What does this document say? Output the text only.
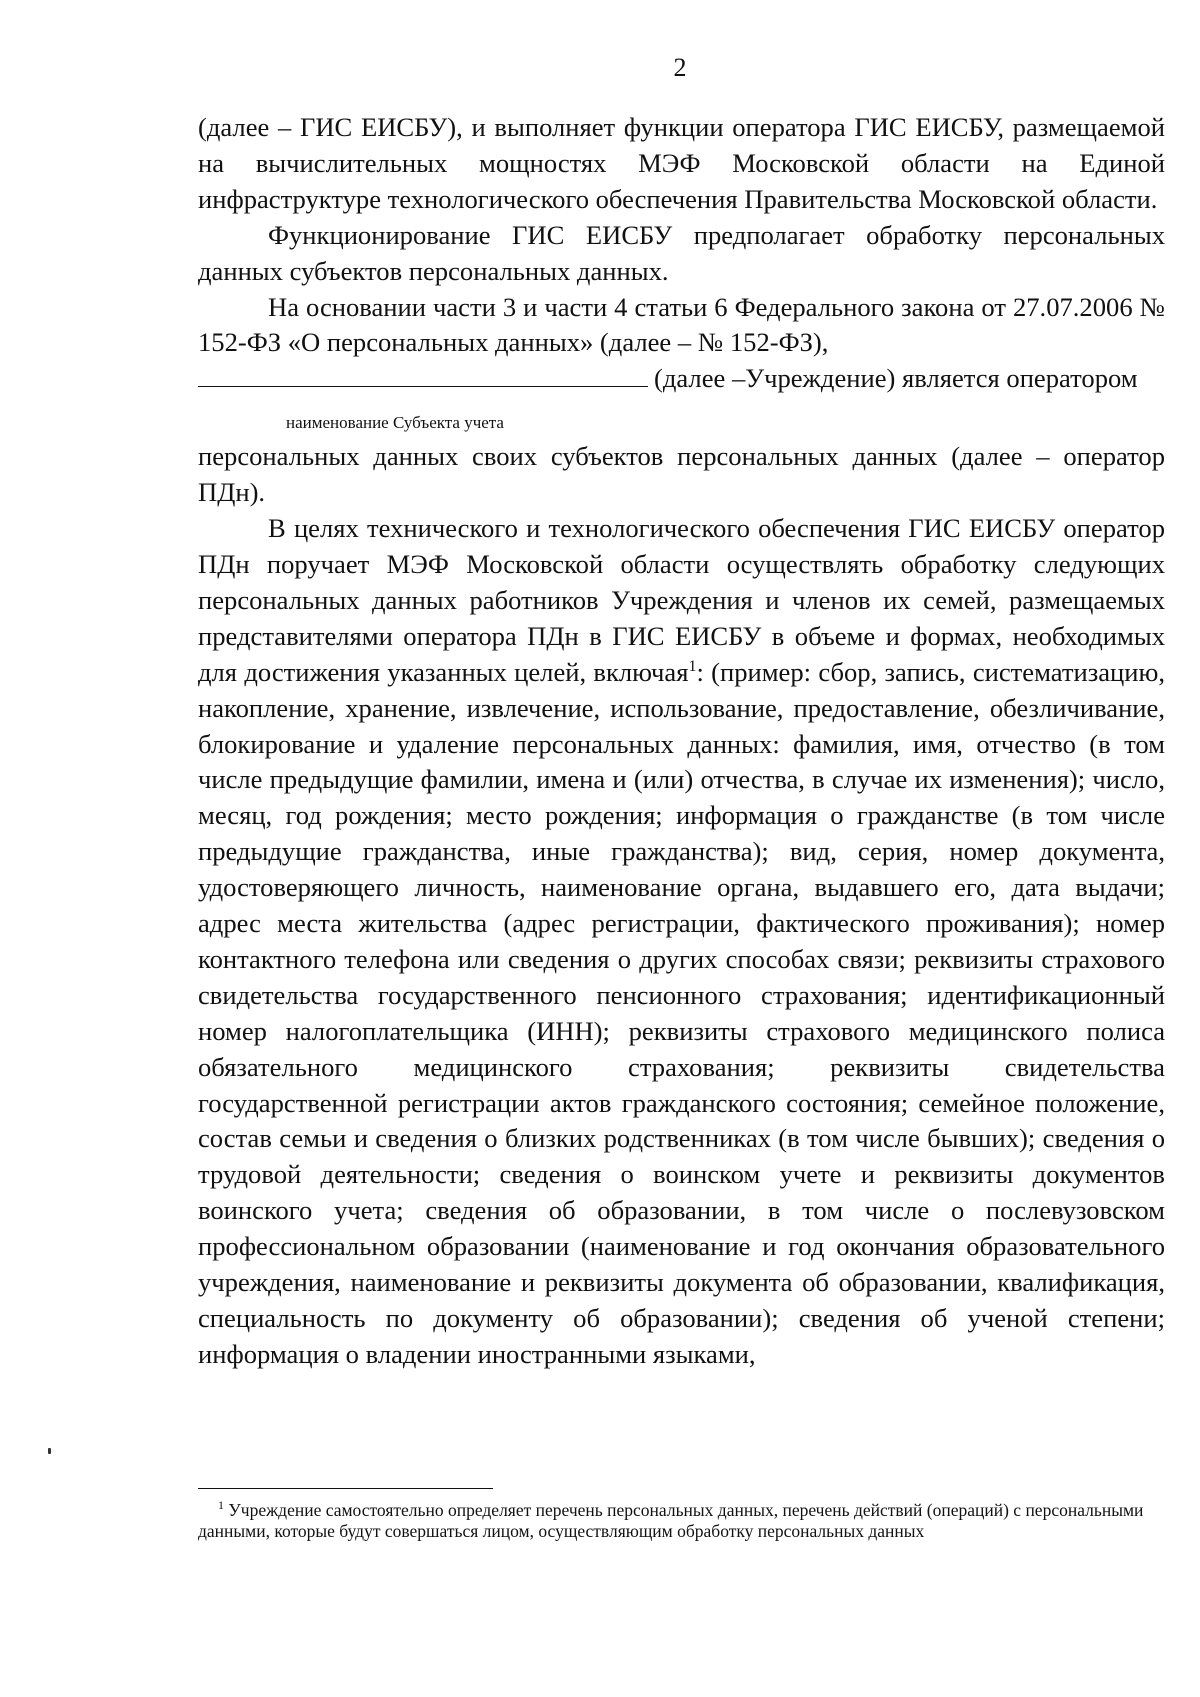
2

(далее – ГИС ЕИСБУ), и выполняет функции оператора ГИС ЕИСБУ, размещаемой на вычислительных мощностях МЭФ Московской области на Единой инфраструктуре технологического обеспечения Правительства Московской области.

Функционирование ГИС ЕИСБУ предполагает обработку персональных данных субъектов персональных данных.

На основании части 3 и части 4 статьи 6 Федерального закона от 27.07.2006 № 152-ФЗ «О персональных данных» (далее – № 152-ФЗ),

(далее –Учреждение) является оператором
наименование Субъекта учета

персональных данных своих субъектов персональных данных (далее – оператор ПДн).

В целях технического и технологического обеспечения ГИС ЕИСБУ оператор ПДн поручает МЭФ Московской области осуществлять обработку следующих персональных данных работников Учреждения и членов их семей, размещаемых представителями оператора ПДн в ГИС ЕИСБУ в объеме и формах, необходимых для достижения указанных целей, включая$^1$: (пример: сбор, запись, систематизацию, накопление, хранение, извлечение, использование, предоставление, обезличивание, блокирование и удаление персональных данных: фамилия, имя, отчество (в том числе предыдущие фамилии, имена и (или) отчества, в случае их изменения); число, месяц, год рождения; место рождения; информация о гражданстве (в том числе предыдущие гражданства, иные гражданства); вид, серия, номер документа, удостоверяющего личность, наименование органа, выдавшего его, дата выдачи; адрес места жительства (адрес регистрации, фактического проживания); номер контактного телефона или сведения о других способах связи; реквизиты страхового свидетельства государственного пенсионного страхования; идентификационный номер налогоплательщика (ИНН); реквизиты страхового медицинского полиса обязательного медицинского страхования; реквизиты свидетельства государственной регистрации актов гражданского состояния; семейное положение, состав семьи и сведения о близких родственниках (в том числе бывших); сведения о трудовой деятельности; сведения о воинском учете и реквизиты документов воинского учета; сведения об образовании, в том числе о послевузовском профессиональном образовании (наименование и год окончания образовательного учреждения, наименование и реквизиты документа об образовании, квалификация, специальность по документу об образовании); сведения об ученой степени; информация о владении иностранными языками,

$^1$ Учреждение самостоятельно определяет перечень персональных данных, перечень действий (операций) с персональными данными, которые будут совершаться лицом, осуществляющим обработку персональных данных
